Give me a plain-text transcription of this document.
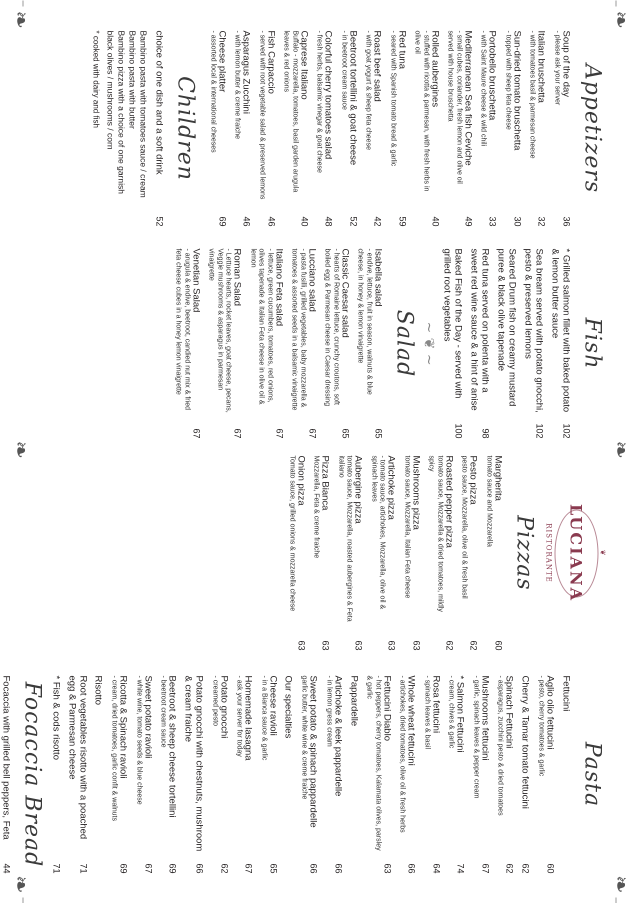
❧
❧
❧
❧
❧
❧
Appetizers
Soup of the day
- please ask your server
36
Italian bruschetta
- with tomatoes basil & parmesan cheese
32
Sun-dried tomato bruschetta
- topped with sheep feta cheese
30
Portobello bruschetta
- with Saint Maure cheese & wild chili
33
Mediterranean Sea fish Ceviche
- small cubes, coriander, fresh lemon and olive oil served with house bruschetta
49
Rolled aubergines
- stuffed with ricotta & parmesan, with fresh herbs in olive oil
40
Red tuna
- seared with Spanish tomato bread & garlic
59
Roast beef salad
- with goat yogurt & sheep feta cheese
42
Beetroot tortellini & goat cheese
- in beetroot cream sauce
52
Colorful cherry tomatoes salad
- fresh herbs, balsamic vinegar & goat cheese
48
Caprese Italiano
Buffalo - mozzarella, tomatoes, basil garden arugula leaves & red onions
40
Fish Carpaccio
- served with root vegetable salad & preserved lemons
46
Asparagus Zucchini
- with lemon butter & creme fraiche
46
Cheese platter
- assorted local & international cheeses
69
Children
choice of one dish and a soft drink
52
Bambino pasta with tomatoes sauce / cream
Bambino pasta with butter
Bambino pizza with a choice of one garnish
black olives / mushrooms / corn
* cooked with dairy and fish
Fish
* Grilled salmon fillet with baked potato & lemon butter sauce
102
Sea bream served with potato gnocchi, pesto & preserved lemons
102
Seared Drum fish on creamy mustard puree & black olive tapenade
Red tuna served on polenta with a sweet red wine sauce & a hint of anise
98
Baked Fish of the Day - served with grilled root vegetables
100
~ ❦ ~
Salad
Isabella salad
- endive, lettuce, fruit in season, walnuts & blue cheese, in honey & lemon vinaigrette
65
Classic Caesar salad
- hearts of Romaine lettuce, crunchy croutons, soft boiled egg & Parmesan cheese in Caesar dressing
65
Lucciano salad
- pasta fusilli, grilled vegetables, baby mozzarella & tomatoes & assorted seeds in a balsamic vinaigrette
67
Italiano Feta salad
- lettuce, green cucumbers, tomatoes, red onions, olives tapenade & Italian Feta cheese in olive oil & lemon
67
Roman Salad
- Lettuce hearts, rocket leaves, goat cheese, pecans, Veggie mushrooms & asparagus in parmesan vinaigrette
67
Venetian Salad
- arugula & endive, beetroot, candied nut mix & fried feta cheese cubes in a honey lemon vinaigrette
67
❦
LUCIANA
RISTORANTE
Pizzas
Margherita
tomato sauce and Mozzarella
60
Pesto pizza
pesto sauce, Mozzarella, olive oil & fresh basil
62
Roasted pepper pizza
tomato sauce, Mozzarella & dried tomatoes, mildly spicy
62
Mushrooms pizza
tomato sauce, Mozzarella, Italian Feta cheese
63
Artichoke pizza
- tomato sauce, artichokes, Mozzarella, olive oil & spinach leaves
63
Aubergine pizza
tomato sauce, Mozzarella, roasted aubergines & Feta italiano
63
Pizza Bianca
Mozzarella, Feta & creme fraiche
63
Onion pizza
Tomato sauce, grilled onions & mozzarella cheese
63
Pasta
Fettucini
Aglio olio fettucini
- pesto, cherry tomatoes & garlic
60
Cherry & Tamar tomato fettucini
62
Spinach Fettucini
- asparagus, zucchini pesto & dried tomatoes
62
Mushrooms fettucini
- garlic, spinach leaves & pepper cream
67
* Salmon Fettucini
- cream, chives & garlic
74
Rosa fettucini
- spinach leaves & basil
64
Whole wheat fettucini
- artichokes, dried tomatoes, olive oil & fresh herbs
66
Fettucini Diablo
- hot peppers, cherry tomatoes, Kalamata olives, parsley & garlic
63
Pappardelle
Artichoke & leek pappardelle
- in lemon gress cream
66
Sweet potato & spinach pappardelle
garlic butter, white wine & creme fraiche
66
Our specialties
Cheese ravioli
- in a Bianca sauce & garlic
65
Homemade lasagna
- ask your server for today
67
Potato gnocchi
- creamed pesto
62
Potato gnocchi with chestnuts, mushroom & cream fraiche
66
Beetroot & sheep cheese tortellini
- beetroot cream sauce
69
Sweet potato ravioli
- white wine, tomato seeds & blue cheese
67
Ricotta & Spinach ravioli
- cream, dried tomatoes, garlic confit & walnuts
69
Risotto
Root vegetables risotto with a poached egg & Parmesan cheese
71
* Fish & cods risotto
71
Focaccia Bread
Focaccia with grilled bell peppers, Feta
44
